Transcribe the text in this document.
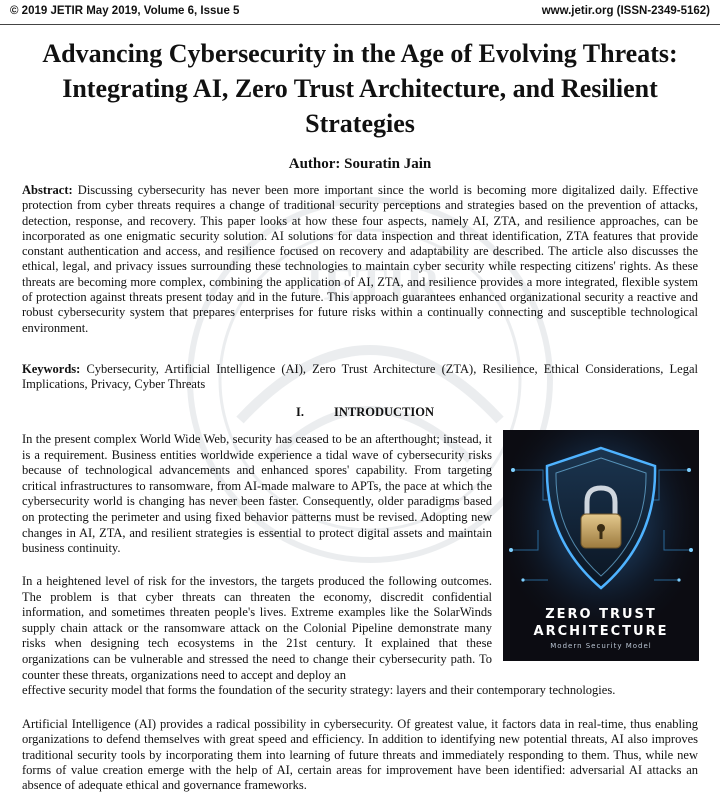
© 2019 JETIR May 2019, Volume 6, Issue 5	www.jetir.org (ISSN-2349-5162)
JETIR
Advancing Cybersecurity in the Age of Evolving Threats: Integrating AI, Zero Trust Architecture, and Resilient Strategies
Author: Souratin Jain

Abstract: Discussing cybersecurity has never been more important since the world is becoming more digitalized daily. Effective protection from cyber threats requires a change of traditional security perceptions and strategies based on the prevention of attacks, detection, response, and recovery. This paper looks at how these four aspects, namely AI, ZTA, and resilience approaches, can be incorporated as one enigmatic security solution. AI solutions for data inspection and threat identification, ZTA features that provide constant authentication and access, and resilience focused on recovery and adaptability are described. The article also discusses the ethical, legal, and privacy issues surrounding these technologies to maintain cyber security while respecting citizens' rights. As these threats are becoming more complex, combining the application of AI, ZTA, and resilience provides a more integrated, flexible system of protection against threats present today and in the future. This approach guarantees enhanced organizational security a reactive and robust cybersecurity system that prepares enterprises for future risks within a continually connecting and susceptible technological environment.

Keywords: Cybersecurity, Artificial Intelligence (AI), Zero Trust Architecture (ZTA), Resilience, Ethical Considerations, Legal Implications, Privacy, Cyber Threats

I. INTRODUCTION

In the present complex World Wide Web, security has ceased to be an afterthought; instead, it is a requirement. Business entities worldwide experience a tidal wave of cybersecurity risks because of technological advancements and enhanced spores' capability. From targeting critical infrastructures to ransomware, from AI-made malware to APTs, the pace at which the cybersecurity world is changing has never been faster. Consequently, older paradigms based on protecting the perimeter and using fixed behavior patterns must be revised. Adopting new changes in AI, ZTA, and resilient strategies is essential to protect digital assets and maintain business continuity.

In a heightened level of risk for the investors, the targets produced the following outcomes. The problem is that cyber threats can threaten the economy, discredit confidential information, and sometimes threaten people's lives. Extreme examples like the SolarWinds supply chain attack or the ransomware attack on the Colonial Pipeline demonstrate many risks when designing tech ecosystems in the 21st century. It explained that these organizations can be vulnerable and stressed the need to change their cybersecurity path. To counter these threats, organizations need to accept and deploy an

effective security model that forms the foundation of the security strategy: layers and their contemporary technologies.

Artificial Intelligence (AI) provides a radical possibility in cybersecurity. Of greatest value, it factors data in real-time, thus enabling organizations to defend themselves with great speed and efficiency. In addition to identifying new potential threats, AI also improves traditional security tools by incorporating them into learning of future threats and immediately responding to them. Thus, while new forms of value creation emerge with the help of AI, certain areas for improvement have been identified: adversarial AI attacks an absence of adequate ethical and governance frameworks.

ZERO TRUST
ARCHITECTURE
Modern Security Model
